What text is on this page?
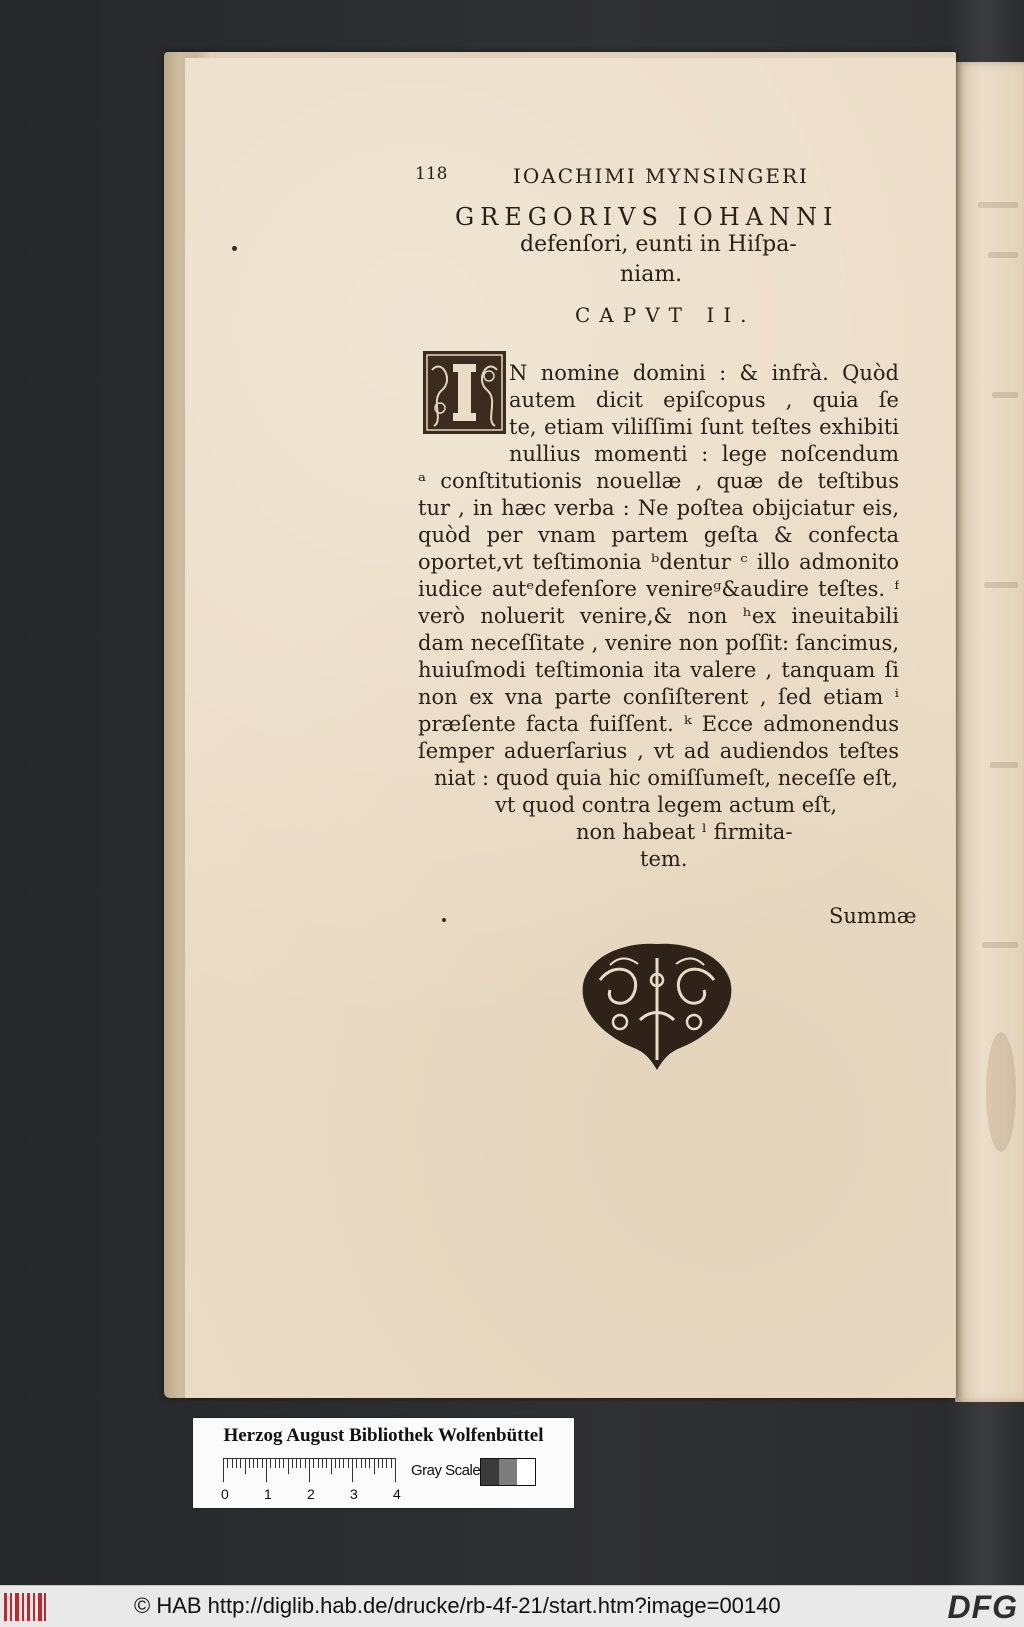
118	IOACHIMI MYNSINGERI
GREGORIVS IOHANNI
defenſori, eunti in Hiſpa-
niam.
CAPVT II.
N nomine domini : & infrà. Quòd
autem dicit epiſcopus , quia ſe
te, etiam viliſſimi ſunt teſtes exhibiti
nullius momenti : lege noſcendum
ᵃ conſtitutionis nouellæ , quæ de teſtibus
tur , in hæc verba : Ne poſtea obijciatur eis,
quòd per vnam partem geſta & confecta
oportet,vt teſtimonia ᵇdentur ᶜ illo admonito
iudice autᵉdefenſore venireᵍ&audire teſtes. ᶠ
verò noluerit venire,& non ʰex ineuitabili
dam neceſſitate , venire non poſſit: ſancimus,
huiuſmodi teſtimonia ita valere , tanquam ſi
non ex vna parte conſiſterent , ſed etiam ⁱ
præſente facta fuiſſent. ᵏ Ecce admonendus
ſemper aduerſarius , vt ad audiendos teſtes
niat : quod quia hic omiſſumeſt, neceſſe eſt,
vt quod contra legem actum eſt,
non habeat ˡ firmita-
tem.
Summæ
Herzog August Bibliothek Wolfenbüttel
0	1	2	3	4
Gray Scale
© HAB http://diglib.hab.de/drucke/rb-4f-21/start.htm?image=00140	DFG
